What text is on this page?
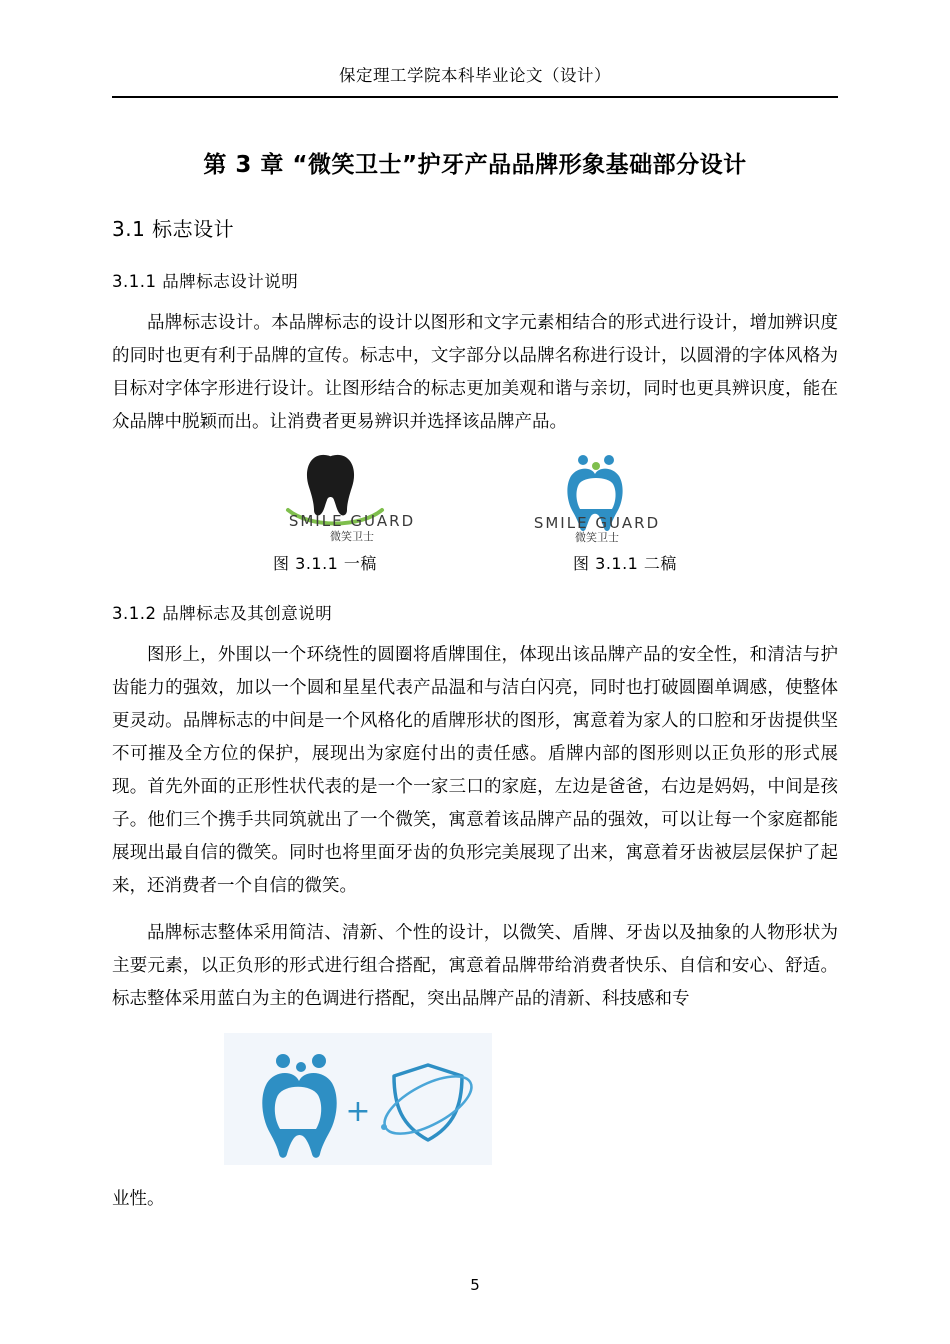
保定理工学院本科毕业论文（设计）
第 3 章 “微笑卫士”护牙产品品牌形象基础部分设计
3.1 标志设计
3.1.1 品牌标志设计说明

品牌标志设计。本品牌标志的设计以图形和文字元素相结合的形式进行设计，增加辨识度的同时也更有利于品牌的宣传。标志中，文字部分以品牌名称进行设计，以圆滑的字体风格为目标对字体字形进行设计。让图形结合的标志更加美观和谐与亲切，同时也更具辨识度，能在众品牌中脱颖而出。让消费者更易辨识并选择该品牌产品。

SMILE GUARD
微笑卫士
SMILE GUARD
微笑卫士
图 3.1.1 一稿	图 3.1.1 二稿
3.1.2 品牌标志及其创意说明

图形上，外围以一个环绕性的圆圈将盾牌围住，体现出该品牌产品的安全性，和清洁与护齿能力的强效，加以一个圆和星星代表产品温和与洁白闪亮，同时也打破圆圈单调感，使整体更灵动。品牌标志的中间是一个风格化的盾牌形状的图形，寓意着为家人的口腔和牙齿提供坚不可摧及全方位的保护，展现出为家庭付出的责任感。盾牌内部的图形则以正负形的形式展现。首先外面的正形性状代表的是一个一家三口的家庭，左边是爸爸，右边是妈妈，中间是孩子。他们三个携手共同筑就出了一个微笑，寓意着该品牌产品的强效，可以让每一个家庭都能展现出最自信的微笑。同时也将里面牙齿的负形完美展现了出来，寓意着牙齿被层层保护了起来，还消费者一个自信的微笑。

品牌标志整体采用简洁、清新、个性的设计，以微笑、盾牌、牙齿以及抽象的人物形状为主要元素，以正负形的形式进行组合搭配，寓意着品牌带给消费者快乐、自信和安心、舒适。标志整体采用蓝白为主的色调进行搭配，突出品牌产品的清新、科技感和专

+
业性。
5
